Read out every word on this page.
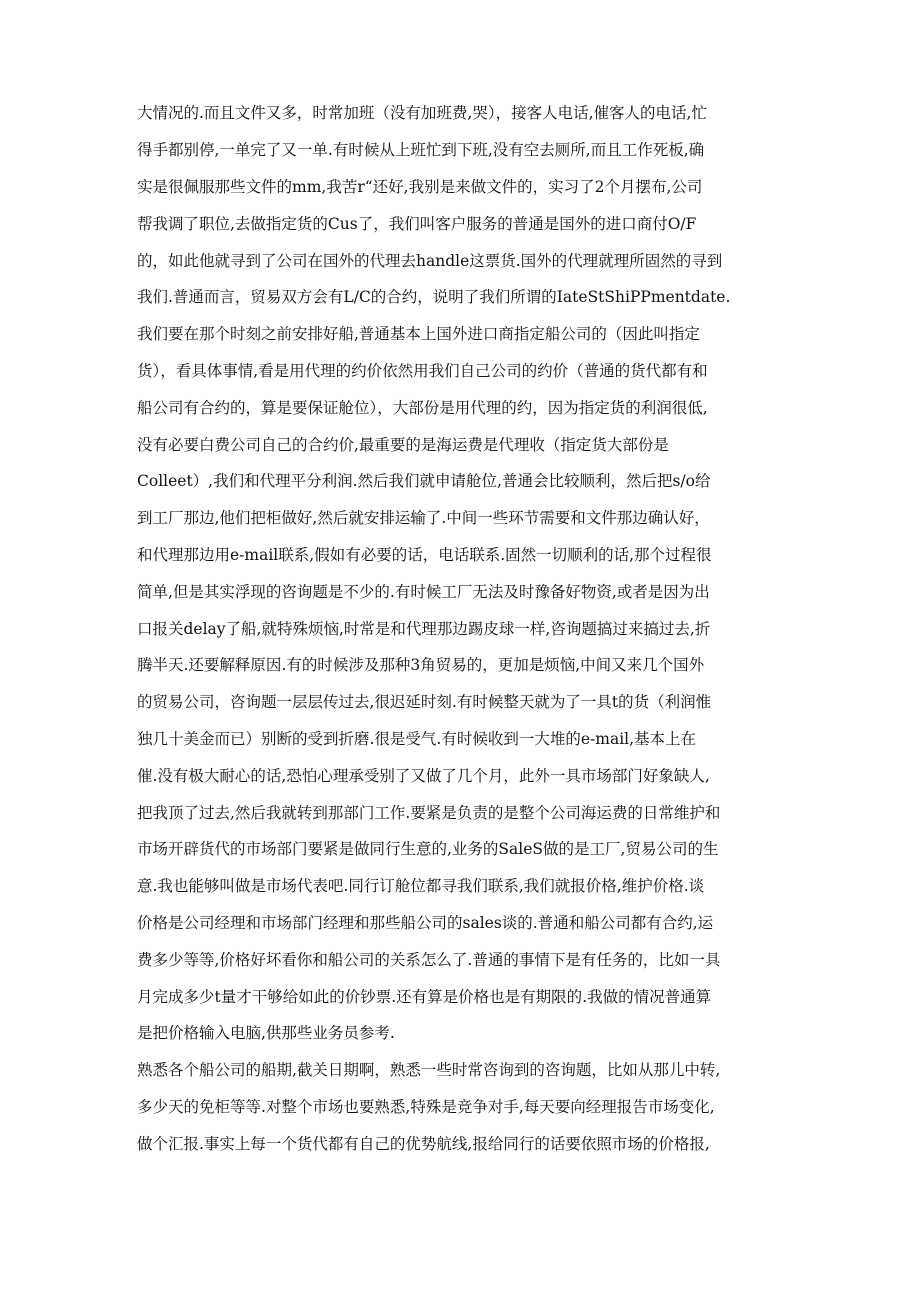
大情况的.而且文件又多，时常加班（没有加班费,哭），接客人电话,催客人的电话,忙
得手都别停,一单完了又一单.有时候从上班忙到下班,没有空去厕所,而且工作死板,确
实是很佩服那些文件的mm,我苦r“还好,我别是来做文件的，实习了2个月摆布,公司
帮我调了职位,去做指定货的Cus了，我们叫客户服务的普通是国外的进口商付O/F
的，如此他就寻到了公司在国外的代理去handle这票货.国外的代理就理所固然的寻到
我们.普通而言，贸易双方会有L/C的合约，说明了我们所谓的IateStShiPPmentdate.
我们要在那个时刻之前安排好船,普通基本上国外进口商指定船公司的（因此叫指定
货），看具体事情,看是用代理的约价依然用我们自己公司的约价（普通的货代都有和
船公司有合约的，算是要保证舱位），大部份是用代理的约，因为指定货的利润很低,
没有必要白费公司自己的合约价,最重要的是海运费是代理收（指定货大部份是
Colleet）,我们和代理平分利润.然后我们就申请舱位,普通会比较顺利，然后把s/o给
到工厂那边,他们把柜做好,然后就安排运输了.中间一些环节需要和文件那边确认好，
和代理那边用e-mail联系,假如有必要的话，电话联系.固然一切顺利的话,那个过程很
简单,但是其实浮现的咨询题是不少的.有时候工厂无法及时豫备好物资,或者是因为出
口报关delay了船,就特殊烦恼,时常是和代理那边踢皮球一样,咨询题搞过来搞过去,折
腾半天.还要解释原因.有的时候涉及那种3角贸易的，更加是烦恼,中间又来几个国外
的贸易公司，咨询题一层层传过去,很迟延时刻.有时候整天就为了一具t的货（利润惟
独几十美金而已）别断的受到折磨.很是受气.有时候收到一大堆的e-mail,基本上在
催.没有极大耐心的话,恐怕心理承受别了又做了几个月，此外一具市场部门好象缺人,
把我顶了过去,然后我就转到那部门工作.要紧是负责的是整个公司海运费的日常维护和
市场开辟货代的市场部门要紧是做同行生意的,业务的SaleS做的是工厂,贸易公司的生
意.我也能够叫做是市场代表吧.同行订舱位都寻我们联系,我们就报价格,维护价格.谈
价格是公司经理和市场部门经理和那些船公司的sales谈的.普通和船公司都有合约,运
费多少等等,价格好坏看你和船公司的关系怎么了.普通的事情下是有任务的，比如一具
月完成多少t量才干够给如此的价钞票.还有算是价格也是有期限的.我做的情况普通算
是把价格输入电脑,供那些业务员参考.
熟悉各个船公司的船期,截关日期啊，熟悉一些时常咨询到的咨询题，比如从那儿中转,
多少天的免柜等等.对整个市场也要熟悉,特殊是竞争对手,每天要向经理报告市场变化,
做个汇报.事实上每一个货代都有自己的优势航线,报给同行的话要依照市场的价格报,
